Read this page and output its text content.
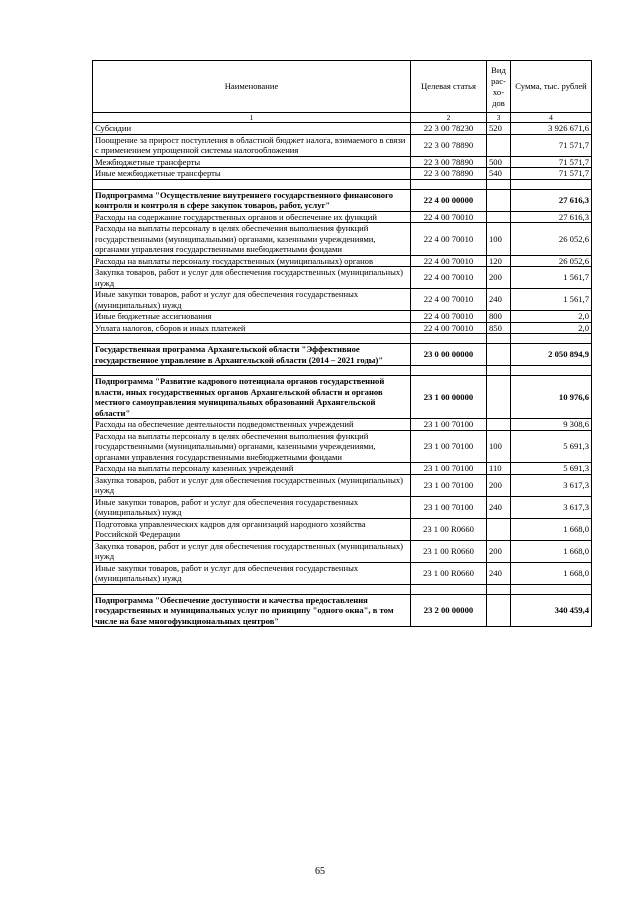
Наименование	Целевая статья	Вид рас-хо-дов	Сумма, тыс. рублей
1	2	3	4
Субсидии	22 3 00 78230	520	3 926 671,6
Поощрение за прирост поступления в областной бюджет налога, взимаемого в связи с применением упрощенной системы налогообложения	22 3 00 78890		71 571,7
Межбюджетные трансферты	22 3 00 78890	500	71 571,7
Иные межбюджетные трансферты	22 3 00 78890	540	71 571,7

Подпрограмма "Осуществление внутреннего государственного финансового контроля и контроля в сфере закупок товаров, работ, услуг"	22 4 00 00000		27 616,3
Расходы на содержание государственных органов и обеспечение их функций	22 4 00 70010		27 616,3
Расходы на выплаты персоналу в целях обеспечения выполнения функций государственными (муниципальными) органами, казенными учреждениями, органами управления государственными внебюджетными фондами	22 4 00 70010	100	26 052,6
Расходы на выплаты персоналу государственных (муниципальных) органов	22 4 00 70010	120	26 052,6
Закупка товаров, работ и услуг для обеспечения государственных (муниципальных) нужд	22 4 00 70010	200	1 561,7
Иные закупки товаров, работ и услуг для обеспечения государственных (муниципальных) нужд	22 4 00 70010	240	1 561,7
Иные бюджетные ассигнования	22 4 00 70010	800	2,0
Уплата налогов, сборов и иных платежей	22 4 00 70010	850	2,0

Государственная программа Архангельской области "Эффективное государственное управление в Архангельской области (2014 – 2021 годы)"	23 0 00 00000		2 050 894,9

Подпрограмма "Развитие кадрового потенциала органов государственной власти, иных государственных органов Архангельской области и органов местного самоуправления муниципальных образований Архангельской области"	23 1 00 00000		10 976,6
Расходы на обеспечение деятельности подведомственных учреждений	23 1 00 70100		9 308,6
Расходы на выплаты персоналу в целях обеспечения выполнения функций государственными (муниципальными) органами, казенными учреждениями, органами управления государственными внебюджетными фондами	23 1 00 70100	100	5 691,3
Расходы на выплаты персоналу казенных учреждений	23 1 00 70100	110	5 691,3
Закупка товаров, работ и услуг для обеспечения государственных (муниципальных) нужд	23 1 00 70100	200	3 617,3
Иные закупки товаров, работ и услуг для обеспечения государственных (муниципальных) нужд	23 1 00 70100	240	3 617,3
Подготовка управленческих кадров для организаций народного хозяйства Российской Федерации	23 1 00 R0660		1 668,0
Закупка товаров, работ и услуг для обеспечения государственных (муниципальных) нужд	23 1 00 R0660	200	1 668,0
Иные закупки товаров, работ и услуг для обеспечения государственных (муниципальных) нужд	23 1 00 R0660	240	1 668,0

Подпрограмма "Обеспечение доступности и качества предоставления государственных и муниципальных услуг по принципу "одного окна", в том числе на базе многофункциональных центров"	23 2 00 00000		340 459,4
65
